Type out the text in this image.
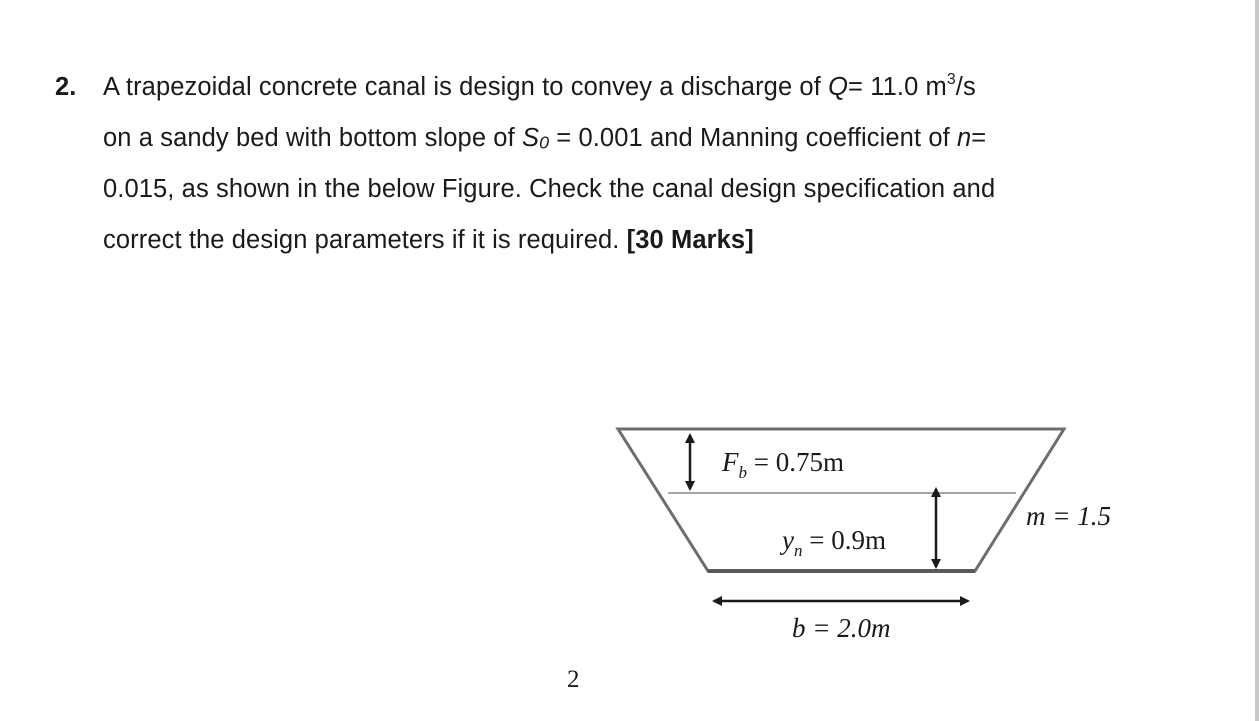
2. A trapezoidal concrete canal is design to convey a discharge of Q= 11.0 $m^3/s$
on a sandy bed with bottom slope of $S_0 = 0.001$ and Manning coefficient of n=
0.015, as shown in the below Figure. Check the canal design specification and
correct the design parameters if it is required. [30 Marks]
$F_b = 0.75m$
$y_n = 0.9m$
m = 1.5
b = 2.0m
2
